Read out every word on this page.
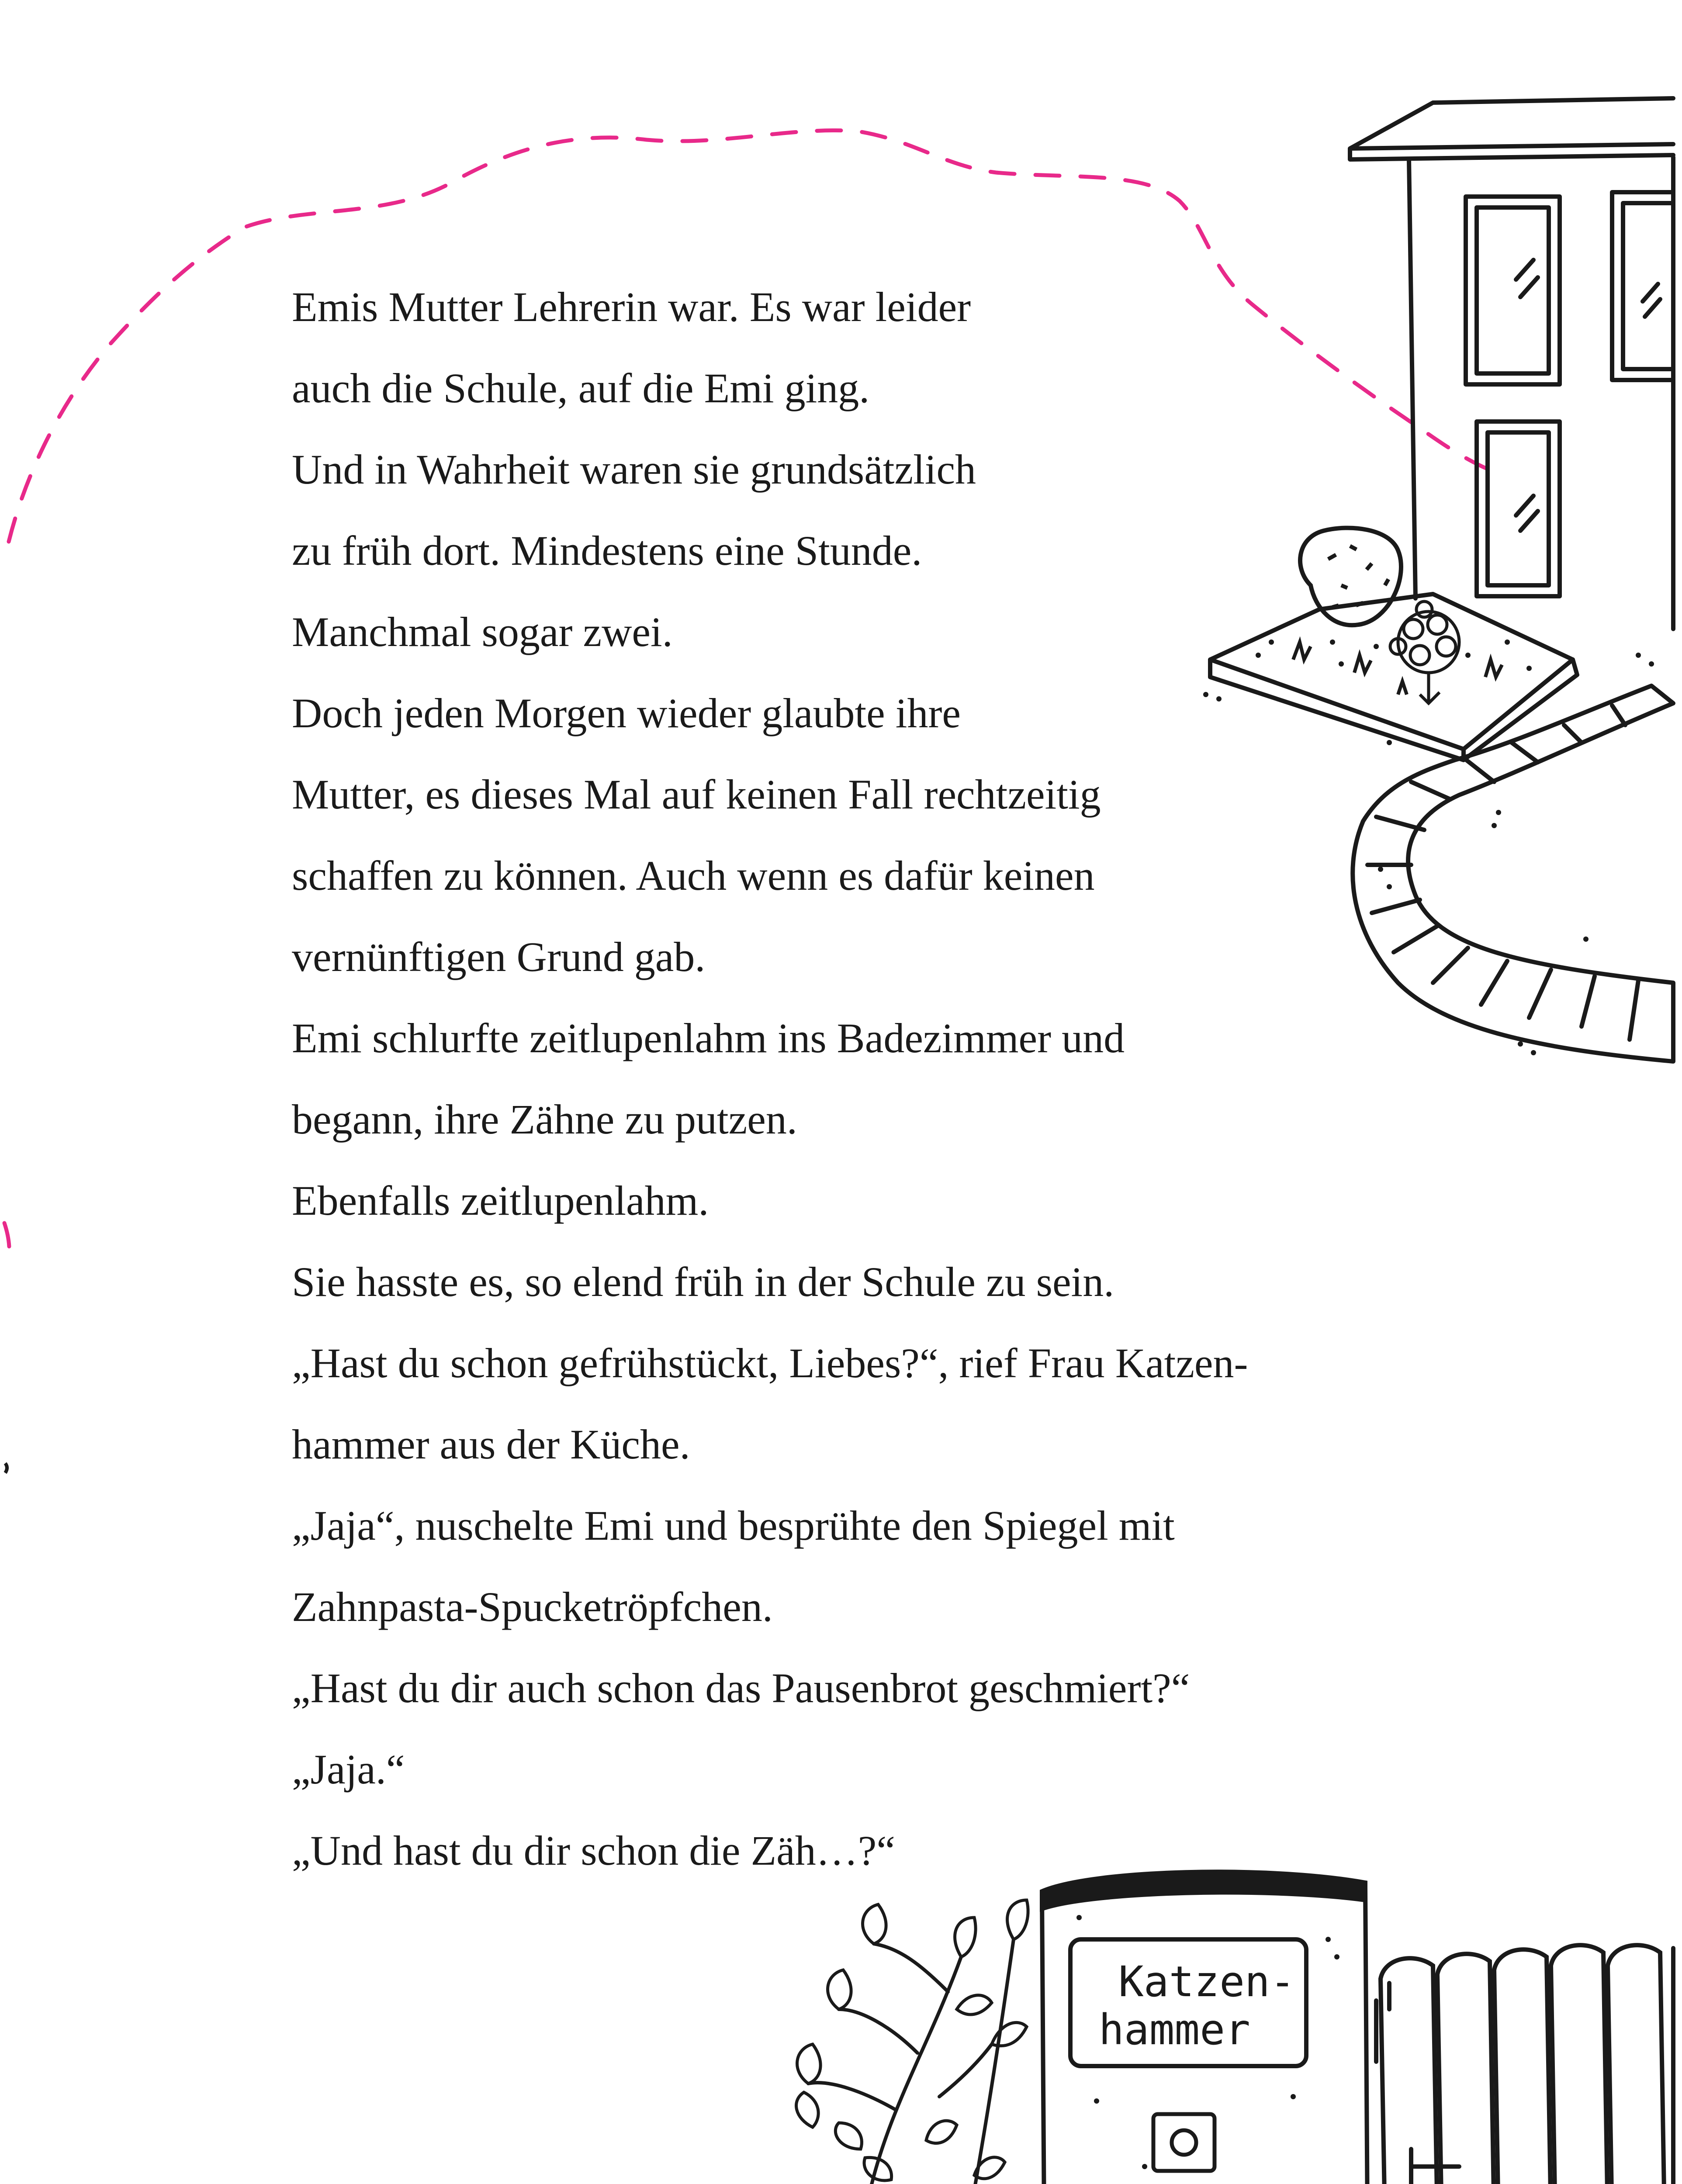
Katzen-
hammer
Emis Mutter Lehrerin war. Es war leider
auch die Schule, auf die Emi ging.
Und in Wahrheit waren sie grundsätzlich
zu früh dort. Mindestens eine Stunde.
Manchmal sogar zwei.
Doch jeden Morgen wieder glaubte ihre
Mutter, es dieses Mal auf keinen Fall rechtzeitig
schaffen zu können. Auch wenn es dafür keinen
vernünftigen Grund gab.
Emi schlurfte zeitlupenlahm ins Badezimmer und
begann, ihre Zähne zu putzen.
Ebenfalls zeitlupenlahm.
Sie hasste es, so elend früh in der Schule zu sein.
„Hast du schon gefrühstückt, Liebes?“, rief Frau Katzen-
hammer aus der Küche.
„Jaja“, nuschelte Emi und besprühte den Spiegel mit
Zahnpasta-Spucketröpfchen.
„Hast du dir auch schon das Pausenbrot geschmiert?“
„Jaja.“
„Und hast du dir schon die Zäh…?“
